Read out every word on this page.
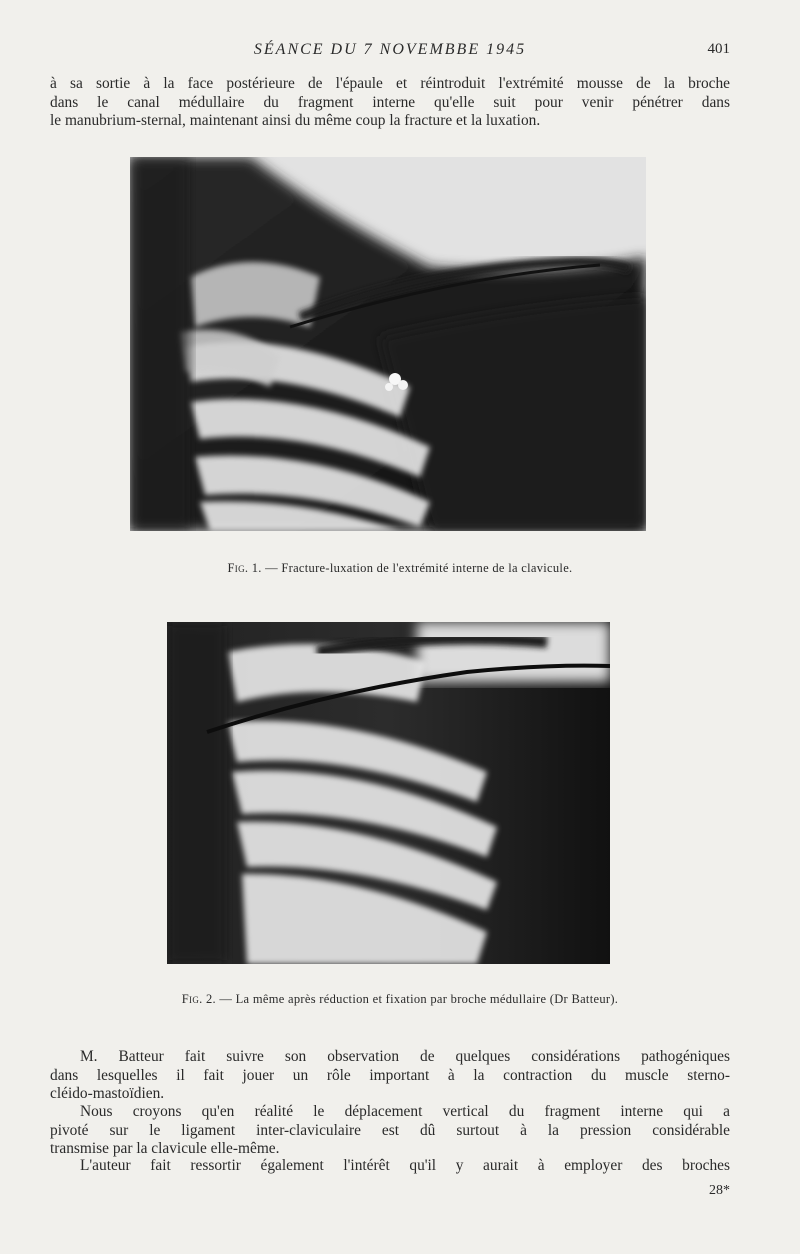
SÉANCE DU 7 NOVEMBBE 1945	401
à sa sortie à la face postérieure de l'épaule et réintroduit l'extrémité mousse de la broche
dans le canal médullaire du fragment interne qu'elle suit pour venir pénétrer dans
le manubrium-sternal, maintenant ainsi du même coup la fracture et la luxation.
Fig. 1. — Fracture-luxation de l'extrémité interne de la clavicule.
Fig. 2. — La même après réduction et fixation par broche médullaire (Dr Batteur).
M. Batteur fait suivre son observation de quelques considérations pathogéniques
dans lesquelles il fait jouer un rôle important à la contraction du muscle sterno-
cléido-mastoïdien.
Nous croyons qu'en réalité le déplacement vertical du fragment interne qui a
pivoté sur le ligament inter-claviculaire est dû surtout à la pression considérable
transmise par la clavicule elle-même.
L'auteur fait ressortir également l'intérêt qu'il y aurait à employer des broches
28*
